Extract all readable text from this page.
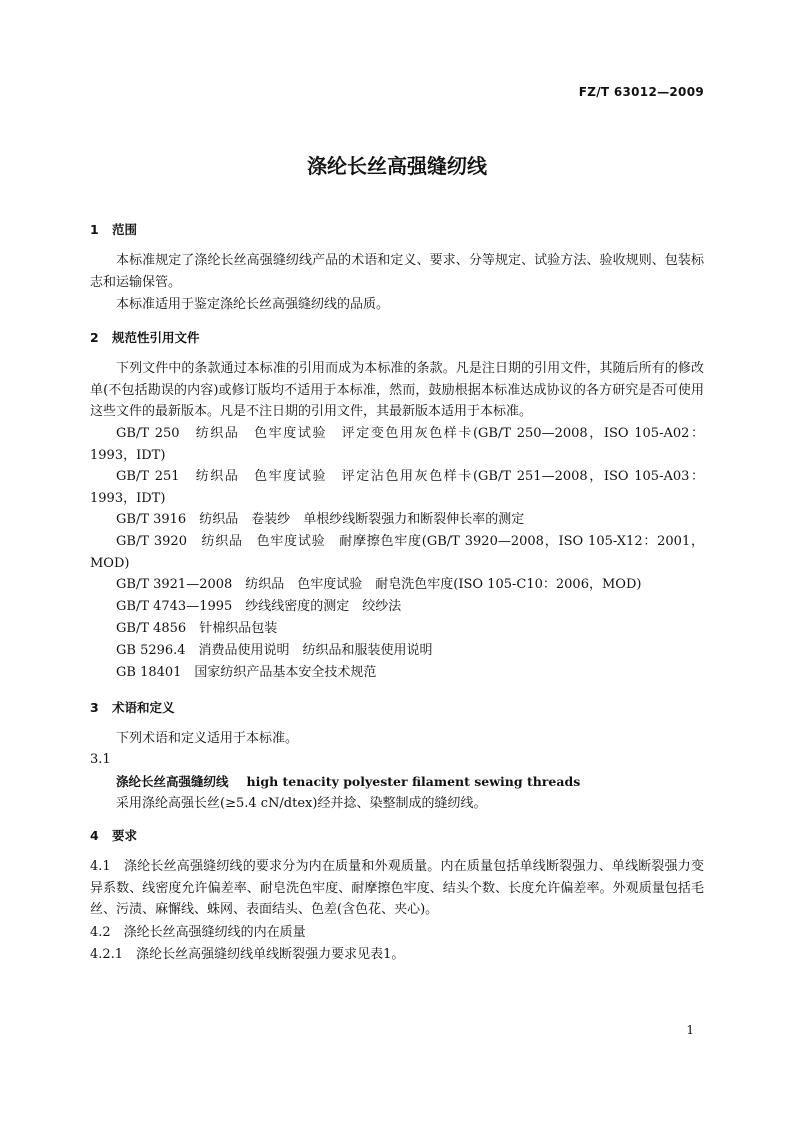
FZ/T 63012—2009
涤纶长丝高强缝纫线
1 范围
本标准规定了涤纶长丝高强缝纫线产品的术语和定义、要求、分等规定、试验方法、验收规则、包装标志和运输保管。
本标准适用于鉴定涤纶长丝高强缝纫线的品质。
2 规范性引用文件
下列文件中的条款通过本标准的引用而成为本标准的条款。凡是注日期的引用文件，其随后所有的修改单(不包括勘误的内容)或修订版均不适用于本标准，然而，鼓励根据本标准达成协议的各方研究是否可使用这些文件的最新版本。凡是不注日期的引用文件，其最新版本适用于本标准。
GB/T 250　纺织品　色牢度试验　评定变色用灰色样卡(GB/T 250—2008，ISO 105-A02：1993，IDT)
GB/T 251　纺织品　色牢度试验　评定沾色用灰色样卡(GB/T 251—2008，ISO 105-A03：1993，IDT)
GB/T 3916　纺织品　卷装纱　单根纱线断裂强力和断裂伸长率的测定
GB/T 3920　纺织品　色牢度试验　耐摩擦色牢度(GB/T 3920—2008，ISO 105-X12：2001，MOD)
GB/T 3921—2008　纺织品　色牢度试验　耐皂洗色牢度(ISO 105-C10：2006，MOD)
GB/T 4743—1995　纱线线密度的测定　绞纱法
GB/T 4856　针棉织品包装
GB 5296.4　消费品使用说明　纺织品和服装使用说明
GB 18401　国家纺织产品基本安全技术规范
3 术语和定义
下列术语和定义适用于本标准。
3.1
涤纶长丝高强缝纫线 high tenacity polyester filament sewing threads
采用涤纶高强长丝(≥5.4 cN/dtex)经并捻、染整制成的缝纫线。
4 要求
4.1　涤纶长丝高强缝纫线的要求分为内在质量和外观质量。内在质量包括单线断裂强力、单线断裂强力变异系数、线密度允许偏差率、耐皂洗色牢度、耐摩擦色牢度、结头个数、长度允许偏差率。外观质量包括毛丝、污渍、麻懈线、蛛网、表面结头、色差(含色花、夹心)。
4.2　涤纶长丝高强缝纫线的内在质量
4.2.1　涤纶长丝高强缝纫线单线断裂强力要求见表1。
1
